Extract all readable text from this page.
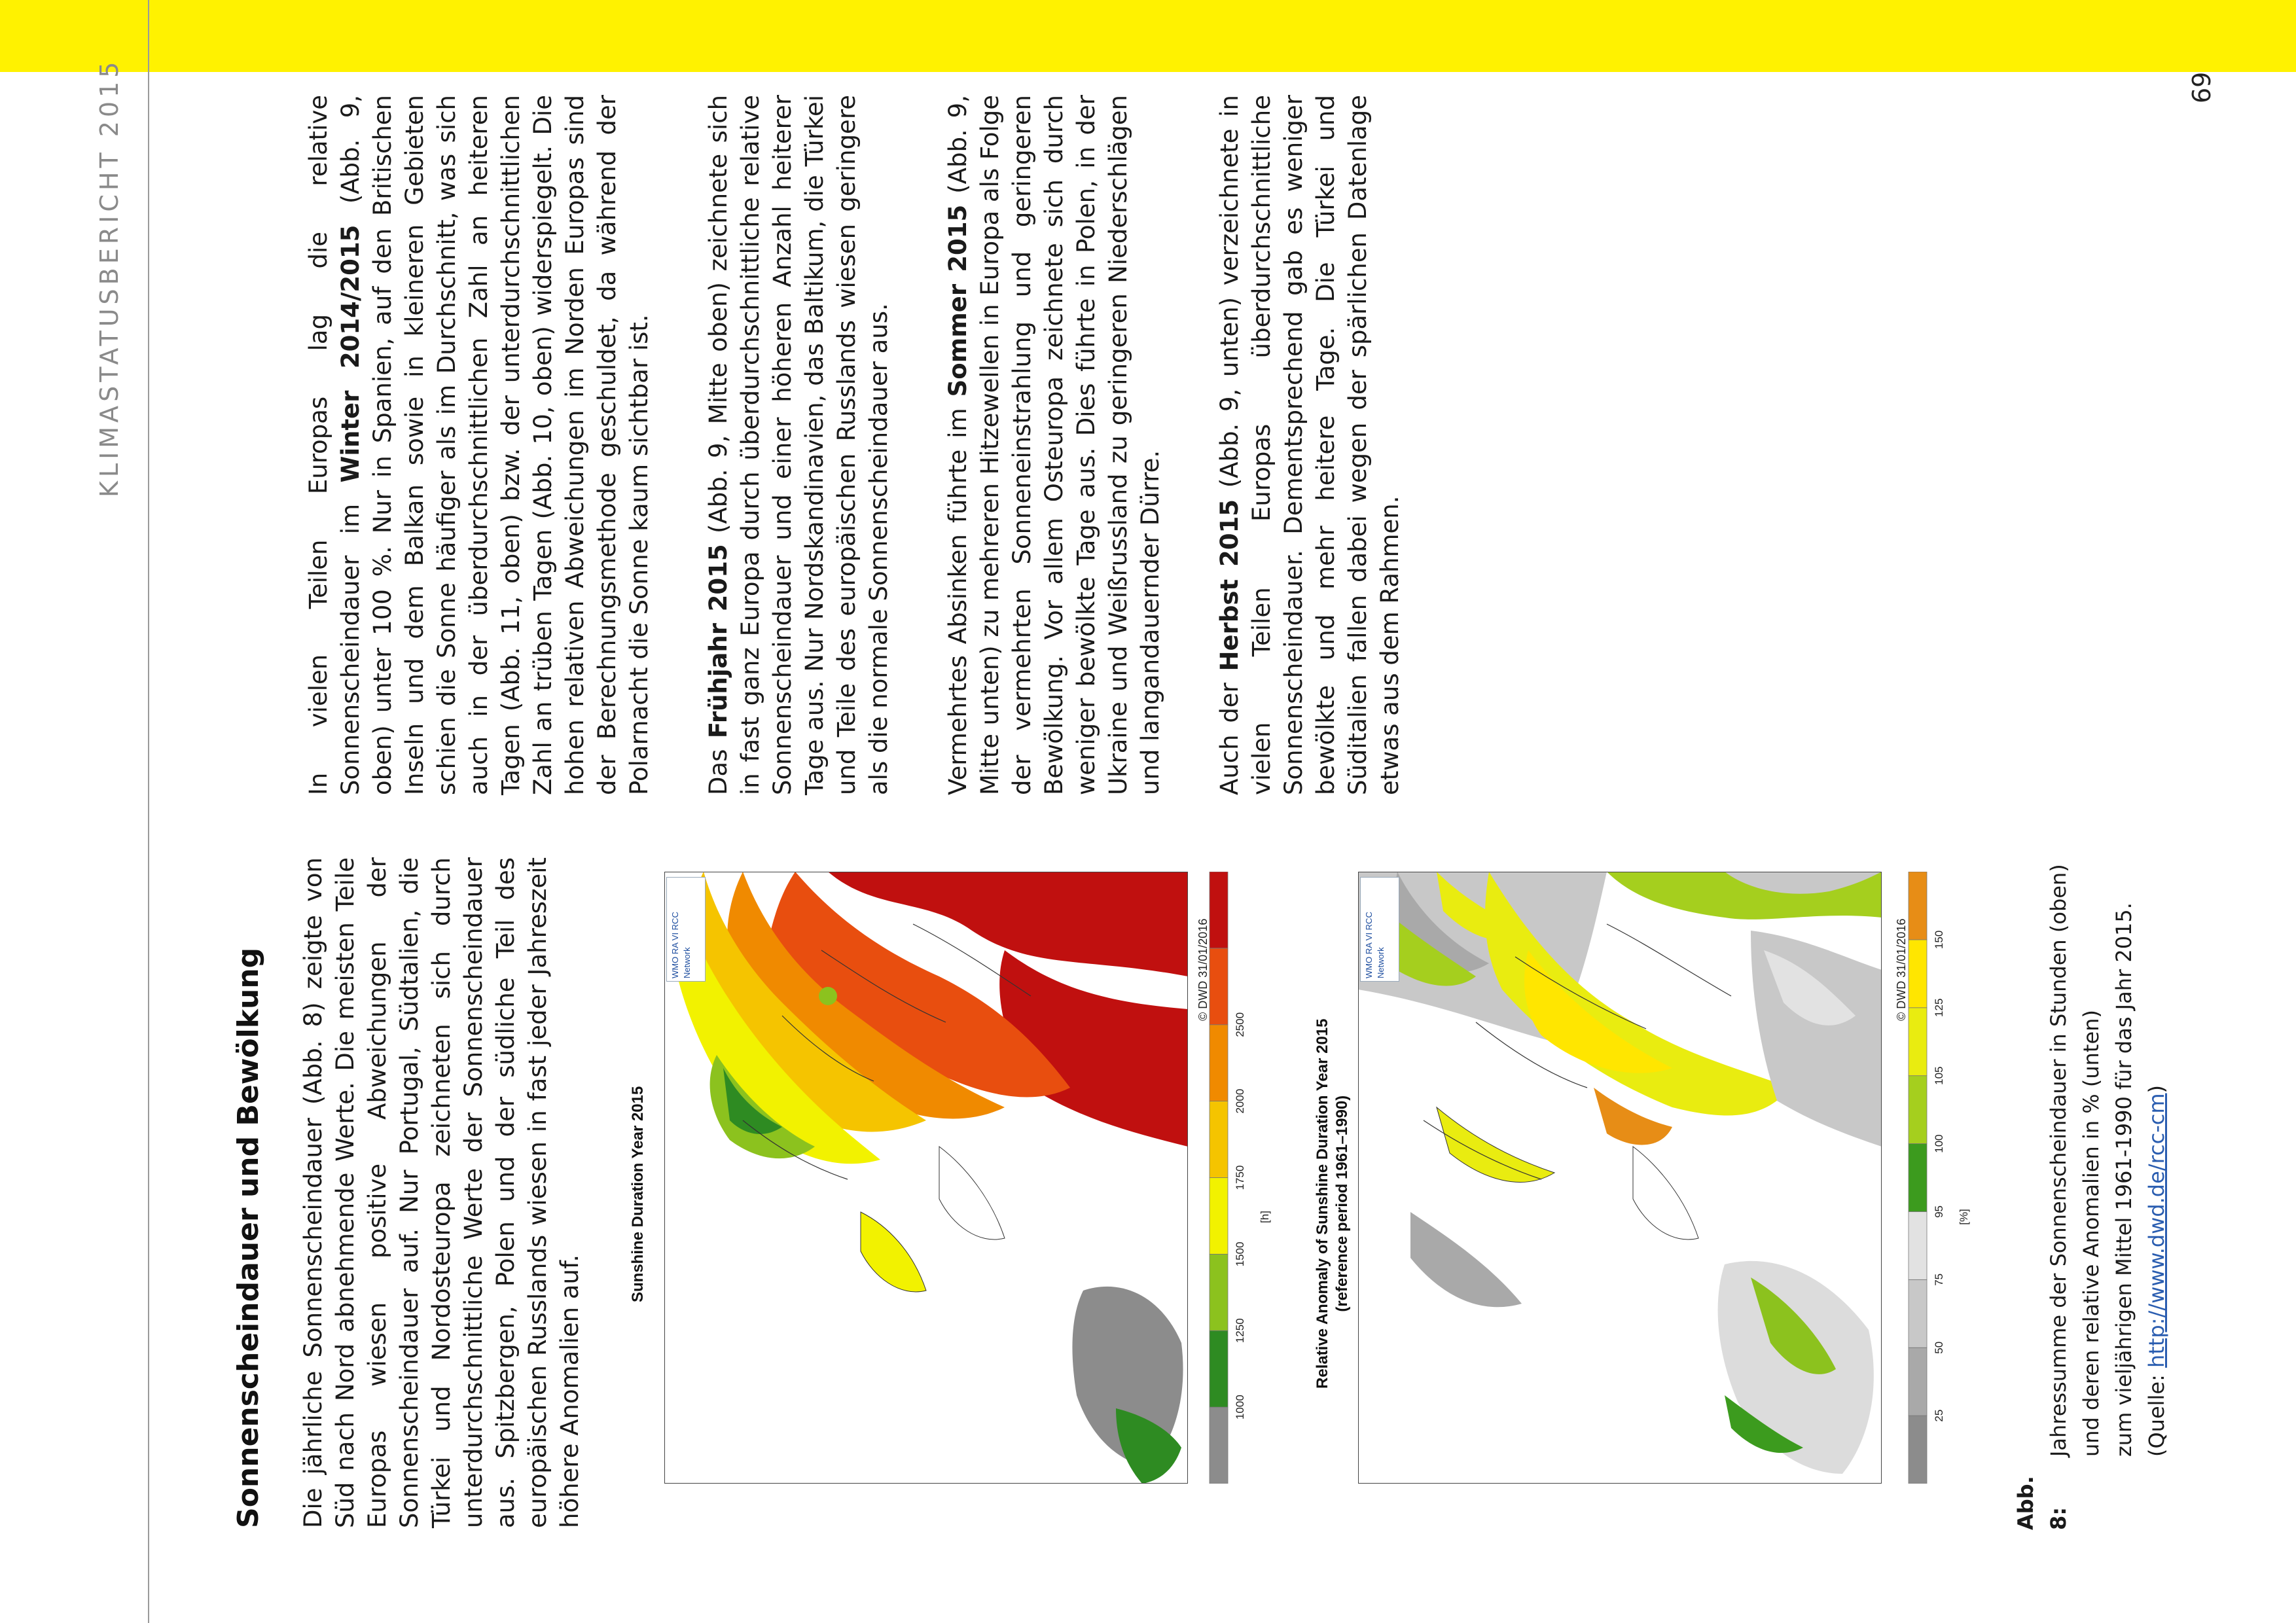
KLIMASTATUSBERICHT 2015	69
Sonnenscheindauer und Bewölkung Die jährliche Sonnenscheindauer (Abb. 8) zeigte von Süd nach Nord abnehmende Werte. Die meisten Teile Europas wiesen positive Abweichungen der Sonnenscheindauer auf. Nur Portugal, Südtalien, die Türkei und Nordosteuropa zeichneten sich durch unterdurchschnittliche Werte der Sonnenscheindauer aus. Spitzbergen, Polen und der südliche Teil des europäischen Russlands wiesen in fast jeder Jahreszeit höhere Anomalien auf.

In vielen Teilen Europas lag die relative Sonnenscheindauer im Winter 2014/2015 (Abb. 9, oben) unter 100 %. Nur in Spanien, auf den Britischen Inseln und dem Balkan sowie in kleineren Gebieten schien die Sonne häufiger als im Durchschnitt, was sich auch in der überdurchschnittlichen Zahl an heiteren Tagen (Abb. 11, oben) bzw. der unterdurchschnittlichen Zahl an trüben Tagen (Abb. 10, oben) widerspiegelt. Die hohen relativen Abweichungen im Norden Europas sind der Berechnungsmethode geschuldet, da während der Polarnacht die Sonne kaum sichtbar ist. Das Frühjahr 2015 (Abb. 9, Mitte oben) zeichnete sich in fast ganz Europa durch überdurchschnittliche relative Sonnenscheindauer und einer höheren Anzahl heiterer Tage aus. Nur Nordskandinavien, das Baltikum, die Türkei und Teile des europäischen Russlands wiesen geringere als die normale Sonnenscheindauer aus. Vermehrtes Absinken führte im Sommer 2015 (Abb. 9, Mitte unten) zu mehreren Hitzewellen in Europa als Folge der vermehrten Sonneneinstrahlung und geringeren Bewölkung. Vor allem Osteuropa zeichnete sich durch weniger bewölkte Tage aus. Dies führte in Polen, in der Ukraine und Weißrussland zu geringeren Niederschlägen und langandauernder Dürre. Auch der Herbst 2015 (Abb. 9, unten) verzeichnete in vielen Teilen Europas überdurchschnittliche Sonnenscheindauer. Dementsprechend gab es weniger bewölkte und mehr heitere Tage. Die Türkei und Süditalien fallen dabei wegen der spärlichen Datenlage etwas aus dem Rahmen.

Sunshine Duration Year 2015
1000
1250
1500
1750
2000
2500
[h]
© DWD 31/01/2016
Relative Anomaly of Sunshine Duration Year 2015 (reference period 1961–1990)
25
50
75
95
100
105
125
150
[%]
© DWD 31/01/2016
WMO RA VI RCC Network	WMO RA VI RCC Network
Abb. 8:Jahressumme der Sonnenscheindauer in Stunden (oben) und deren relative Anomalien in % (unten) zum vieljährigen Mittel 1961-1990 für das Jahr 2015. (Quelle: http://www.dwd.de/rcc-cm)
